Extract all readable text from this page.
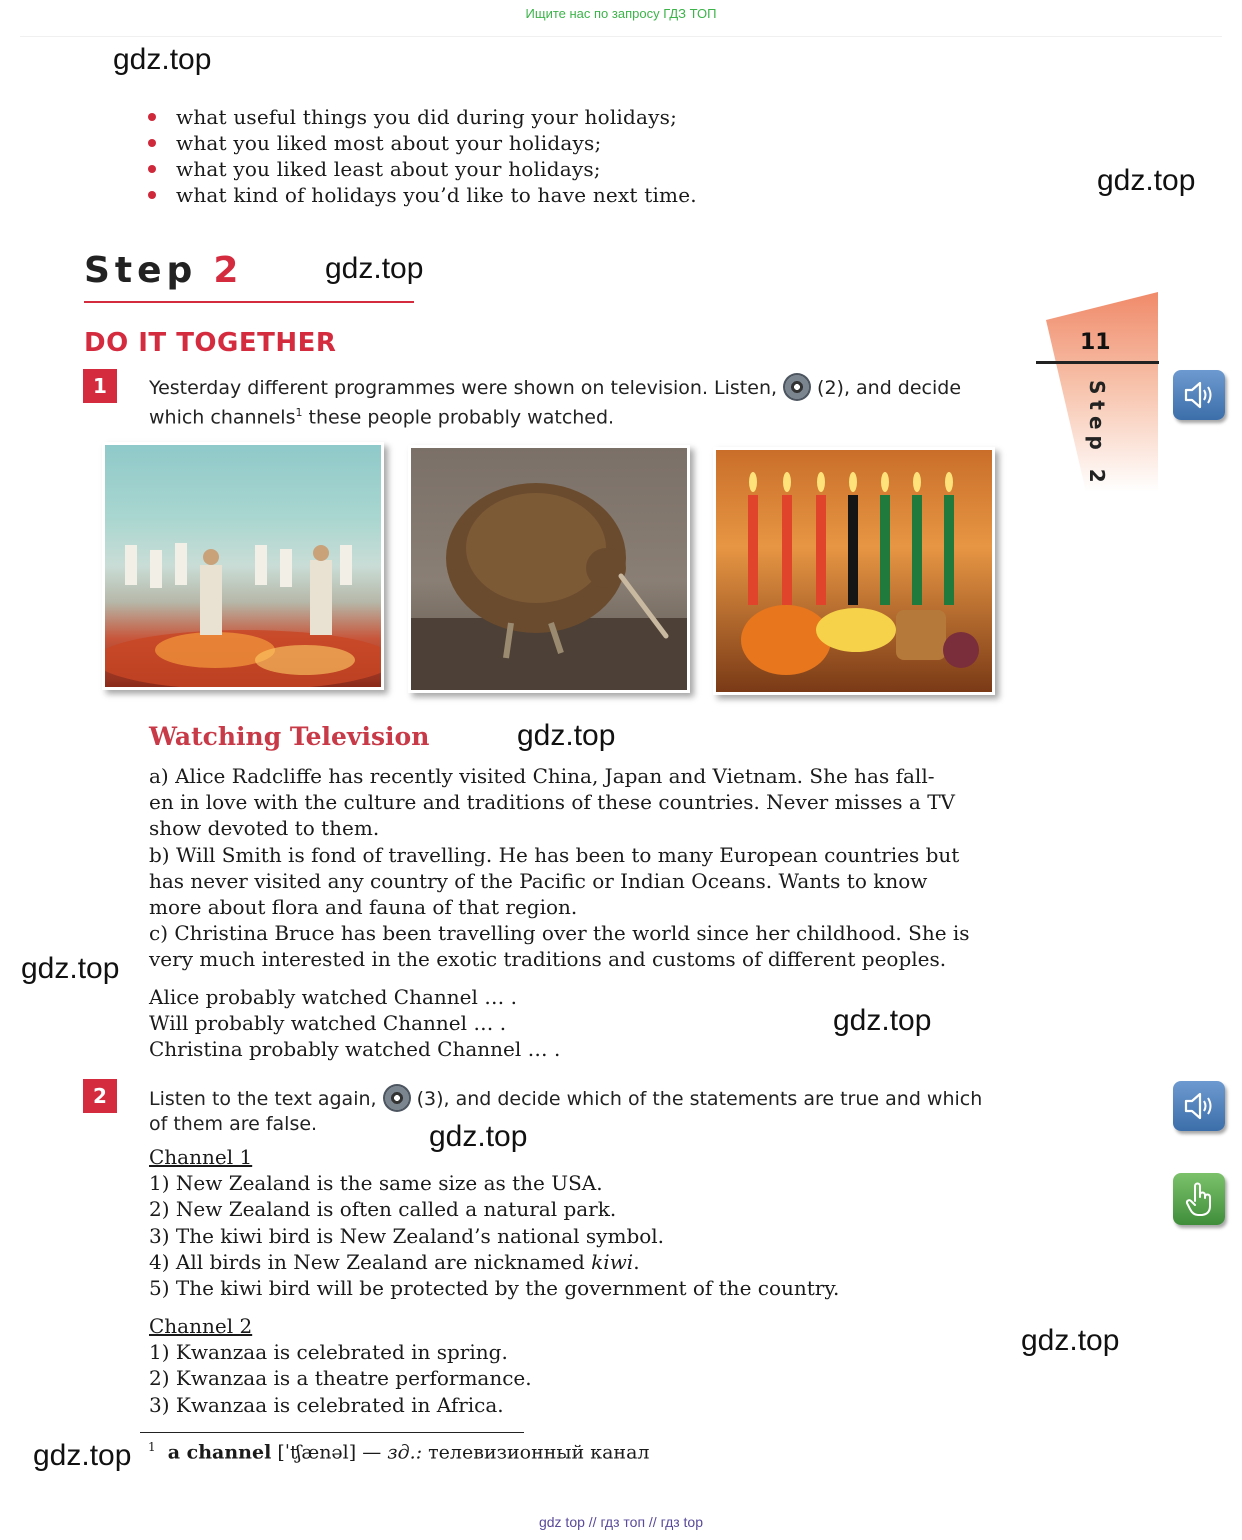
Ищите нас по запросу ГДЗ ТОП
gdz.top
gdz.top
gdz.top
gdz.top
gdz.top
gdz.top
gdz.top
gdz.top
gdz.top
what useful things you did during your holidays;
what you liked most about your holidays;
what you liked least about your holidays;
what kind of holidays you’d like to have next time.
Step 2
DO IT TOGETHER	11
Step 2
1	Yesterday different programmes were shown on television. Listen, (2), and decide
which channels$^1$ these people probably watched.
Watching Television

a) Alice Radcliffe has recently visited China, Japan and Vietnam. She has fall-

en in love with the culture and traditions of these countries. Never misses a TV

show devoted to them.

b) Will Smith is fond of travelling. He has been to many European countries but

has never visited any country of the Pacific or Indian Oceans. Wants to know

more about flora and fauna of that region.

c) Christina Bruce has been travelling over the world since her childhood. She is

very much interested in the exotic traditions and customs of different peoples.

Alice probably watched Channel … .

Will probably watched Channel … .

Christina probably watched Channel … .

2	Listen to the text again, (3), and decide which of the statements are true and which
of them are false.

Channel 1

1) New Zealand is the same size as the USA.

2) New Zealand is often called a natural park.

3) The kiwi bird is New Zealand’s national symbol.

4) All birds in New Zealand are nicknamed kiwi.

5) The kiwi bird will be protected by the government of the country.

Channel 2

1) Kwanzaa is celebrated in spring.

2) Kwanzaa is a theatre performance.

3) Kwanzaa is celebrated in Africa.

$^1$ a channel [ˈʧænəl] — зд.: телевизионный канал
gdz top // гдз топ // гдз top
